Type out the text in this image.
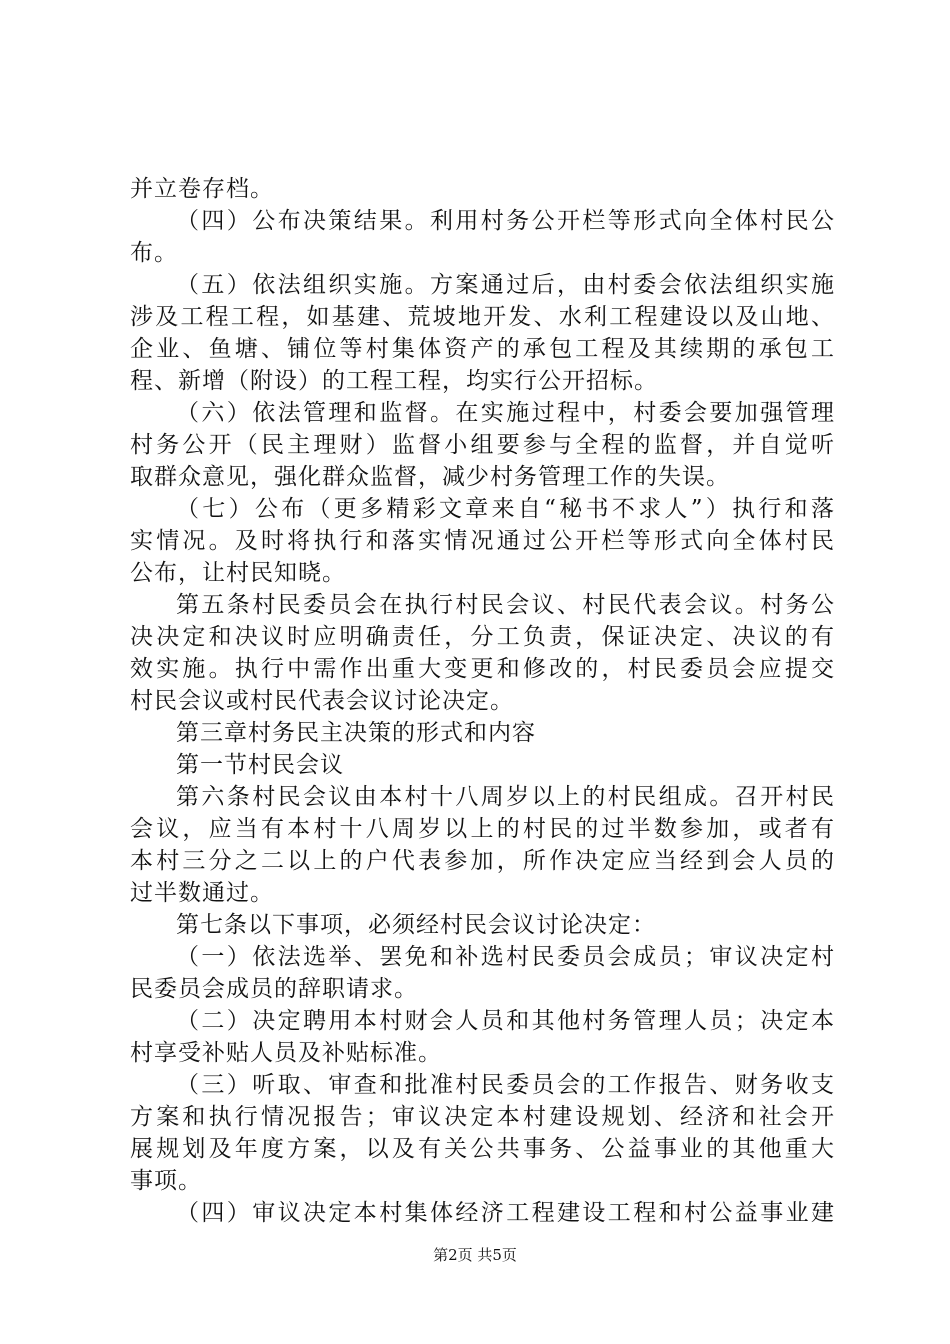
并立卷存档。
（四）公布决策结果。利用村务公开栏等形式向全体村民公
布。
（五）依法组织实施。方案通过后，由村委会依法组织实施
涉及工程工程，如基建、荒坡地开发、水利工程建设以及山地、
企业、鱼塘、铺位等村集体资产的承包工程及其续期的承包工
程、新增（附设）的工程工程，均实行公开招标。
（六）依法管理和监督。在实施过程中，村委会要加强管理
村务公开（民主理财）监督小组要参与全程的监督，并自觉听
取群众意见，强化群众监督，减少村务管理工作的失误。
（七）公布（更多精彩文章来自“秘书不求人”）执行和落
实情况。及时将执行和落实情况通过公开栏等形式向全体村民
公布，让村民知晓。
第五条村民委员会在执行村民会议、村民代表会议。村务公
决决定和决议时应明确责任，分工负责，保证决定、决议的有
效实施。执行中需作出重大变更和修改的，村民委员会应提交
村民会议或村民代表会议讨论决定。
第三章村务民主决策的形式和内容
第一节村民会议
第六条村民会议由本村十八周岁以上的村民组成。召开村民
会议，应当有本村十八周岁以上的村民的过半数参加，或者有
本村三分之二以上的户代表参加，所作决定应当经到会人员的
过半数通过。
第七条以下事项，必须经村民会议讨论决定：
（一）依法选举、罢免和补选村民委员会成员；审议决定村
民委员会成员的辞职请求。
（二）决定聘用本村财会人员和其他村务管理人员；决定本
村享受补贴人员及补贴标准。
（三）听取、审查和批准村民委员会的工作报告、财务收支
方案和执行情况报告；审议决定本村建设规划、经济和社会开
展规划及年度方案，以及有关公共事务、公益事业的其他重大
事项。
（四）审议决定本村集体经济工程建设工程和村公益事业建
第2页 共5页
